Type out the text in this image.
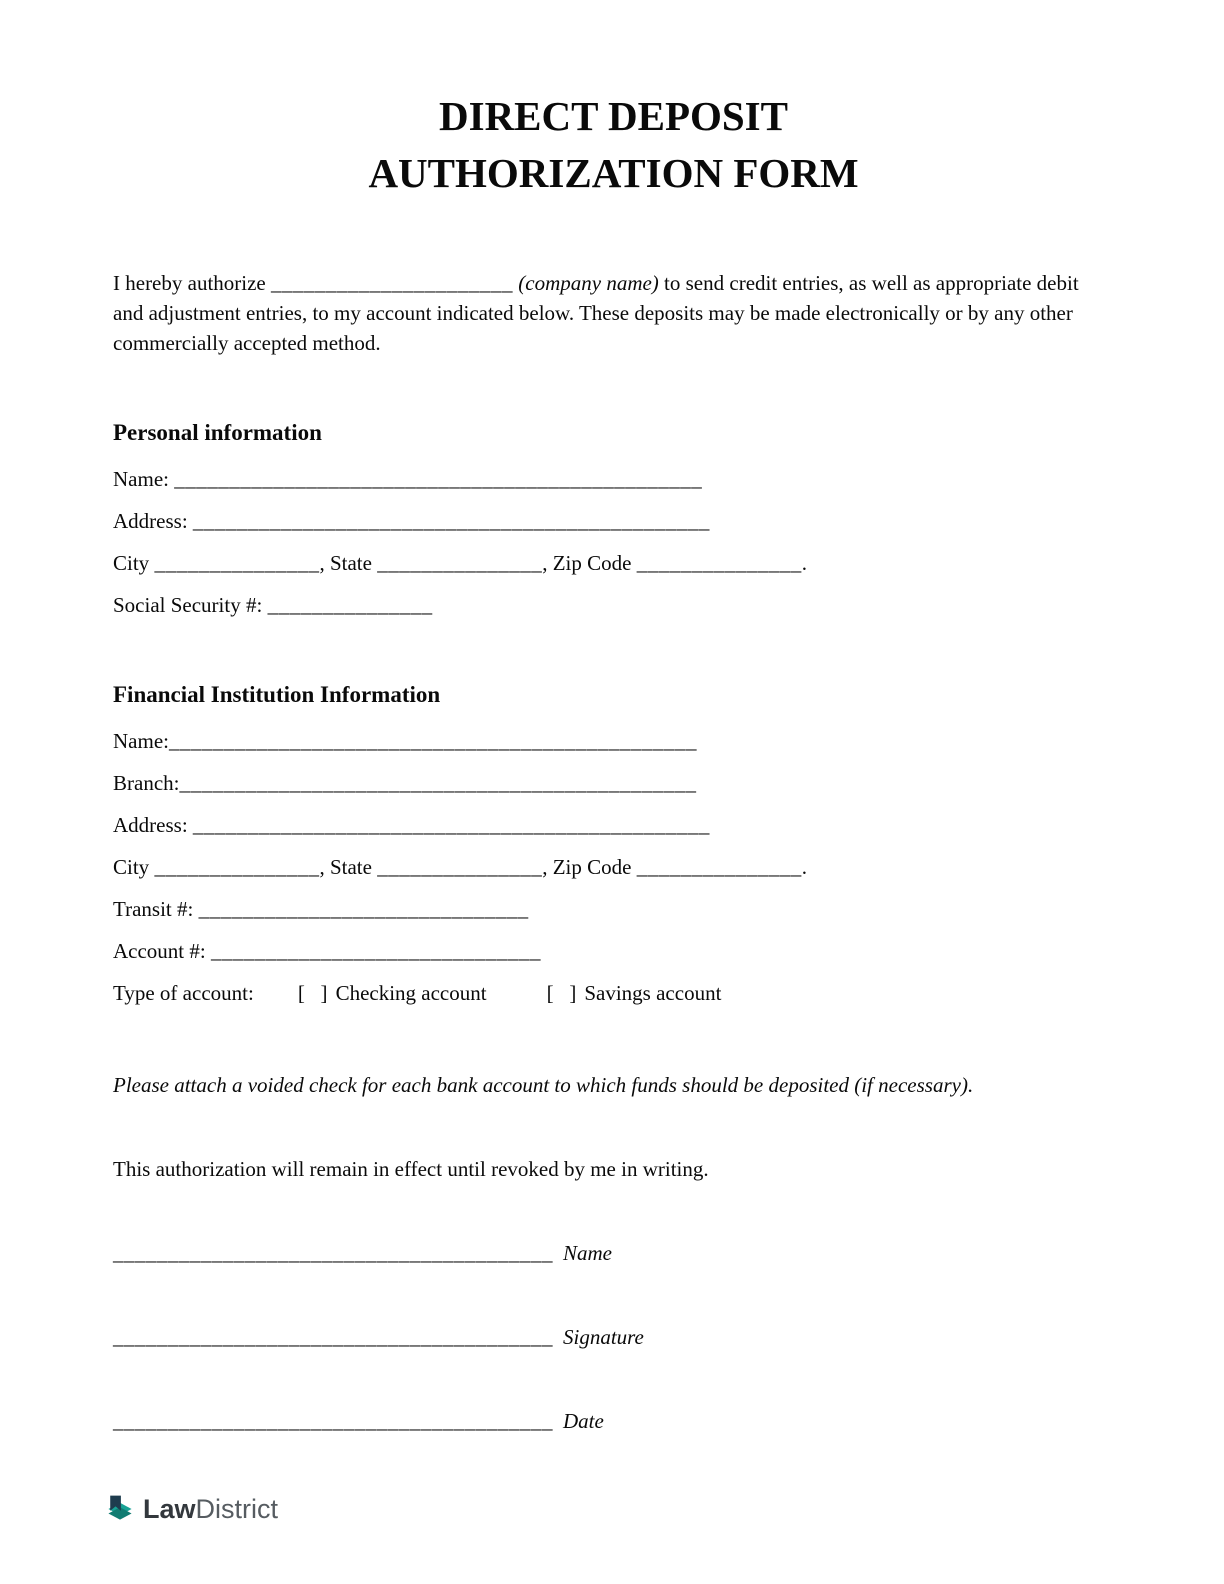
DIRECT DEPOSIT
AUTHORIZATION FORM

I hereby authorize ______________________ (company name) to send credit entries, as well as appropriate debit and adjustment entries, to my account indicated below. These deposits may be made electronically or by any other commercially accepted method.

Personal information
Name: ________________________________________________
Address: _______________________________________________
City _______________, State _______________, Zip Code _______________.
Social Security #: _______________
Financial Institution Information
Name:________________________________________________
Branch:_______________________________________________
Address: _______________________________________________
City _______________, State _______________, Zip Code _______________.
Transit #: ______________________________
Account #: ______________________________
Type of account: [   ] Checking account	[   ] Savings account

Please attach a voided check for each bank account to which funds should be deposited (if necessary).

This authorization will remain in effect until revoked by me in writing.

________________________________________ Name
________________________________________ Signature
________________________________________ Date
Law District
